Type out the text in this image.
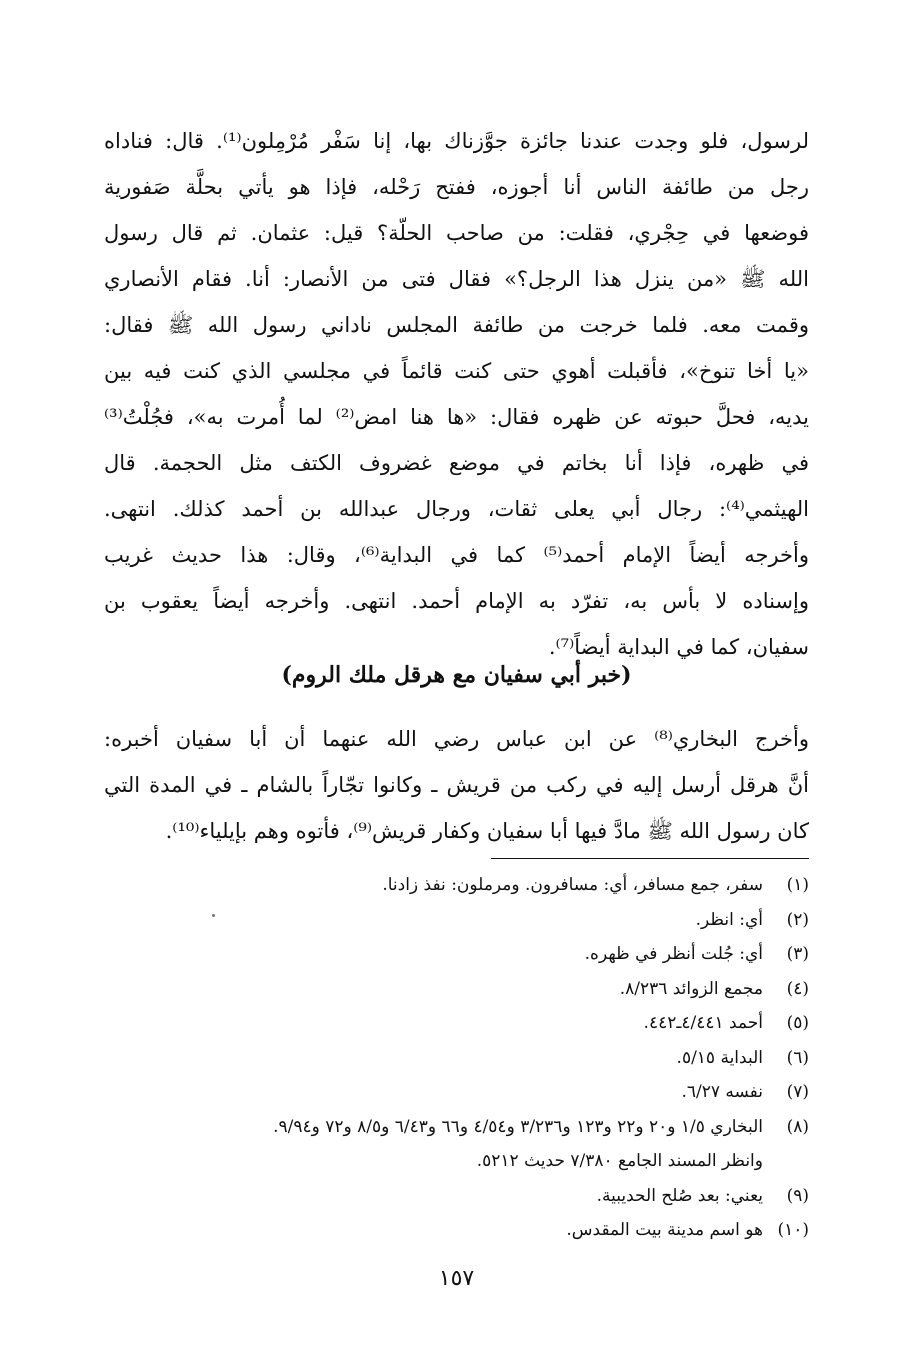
لرسول، فلو وجدت عندنا جائزة جوَّزناك بها، إنا سَفْر مُرْمِلون⁽¹⁾. قال: فناداه
رجل من طائفة الناس أنا أجوزه، ففتح رَحْله، فإذا هو يأتي بحلَّة صَفورية
فوضعها في حِجْري، فقلت: من صاحب الحلّة؟ قيل: عثمان. ثم قال رسول
الله ﷺ «من ينزل هذا الرجل؟» فقال فتى من الأنصار: أنا. فقام الأنصاري
وقمت معه. فلما خرجت من طائفة المجلس ناداني رسول الله ﷺ فقال:
«يا أخا تنوخ»، فأقبلت أهوي حتى كنت قائماً في مجلسي الذي كنت فيه بين
يديه، فحلَّ حبوته عن ظهره فقال: «ها هنا امض⁽²⁾ لما أُمرت به»، فجُلْتُ⁽³⁾
في ظهره، فإذا أنا بخاتم في موضع غضروف الكتف مثل الحجمة. قال
الهيثمي⁽⁴⁾: رجال أبي يعلى ثقات، ورجال عبدالله بن أحمد كذلك. انتهى.
وأخرجه أيضاً الإمام أحمد⁽⁵⁾ كما في البداية⁽⁶⁾، وقال: هذا حديث غريب
وإسناده لا بأس به، تفرّد به الإمام أحمد. انتهى. وأخرجه أيضاً يعقوب بن
سفيان، كما في البداية أيضاً⁽⁷⁾.
(خبر أبي سفيان مع هرقل ملك الروم)
وأخرج البخاري⁽⁸⁾ عن ابن عباس رضي الله عنهما أن أبا سفيان أخبره:
أنَّ هرقل أرسل إليه في ركب من قريش ـ وكانوا تجّاراً بالشام ـ في المدة التي
كان رسول الله ﷺ مادَّ فيها أبا سفيان وكفار قريش⁽⁹⁾، فأتوه وهم بإيلياء⁽¹⁰⁾.
(١)
سفر، جمع مسافر، أي: مسافرون. ومرملون: نفذ زادنا.
(٢)
أي: انظر.
(٣)
أي: جُلت أنظر في ظهره.
(٤)
مجمع الزوائد ٨/٢٣٦.
(٥)
أحمد ٤/٤٤١ـ٤٤٢.
(٦)
البداية ٥/١٥.
(٧)
نفسه ٦/٢٧.
(٨)
البخاري ١/٥ و٢٠ و٢٢ و١٢٣ و٣/٢٣٦ و٤/٥٤ و٦٦ و٦/٤٣ و٨/٥ و٧٢ و٩/٩٤.
وانظر المسند الجامع ٧/٣٨٠ حديث ٥٢١٢.
(٩)
يعني: بعد صُلح الحديبية.
(١٠)
هو اسم مدينة بيت المقدس.
١٥٧
